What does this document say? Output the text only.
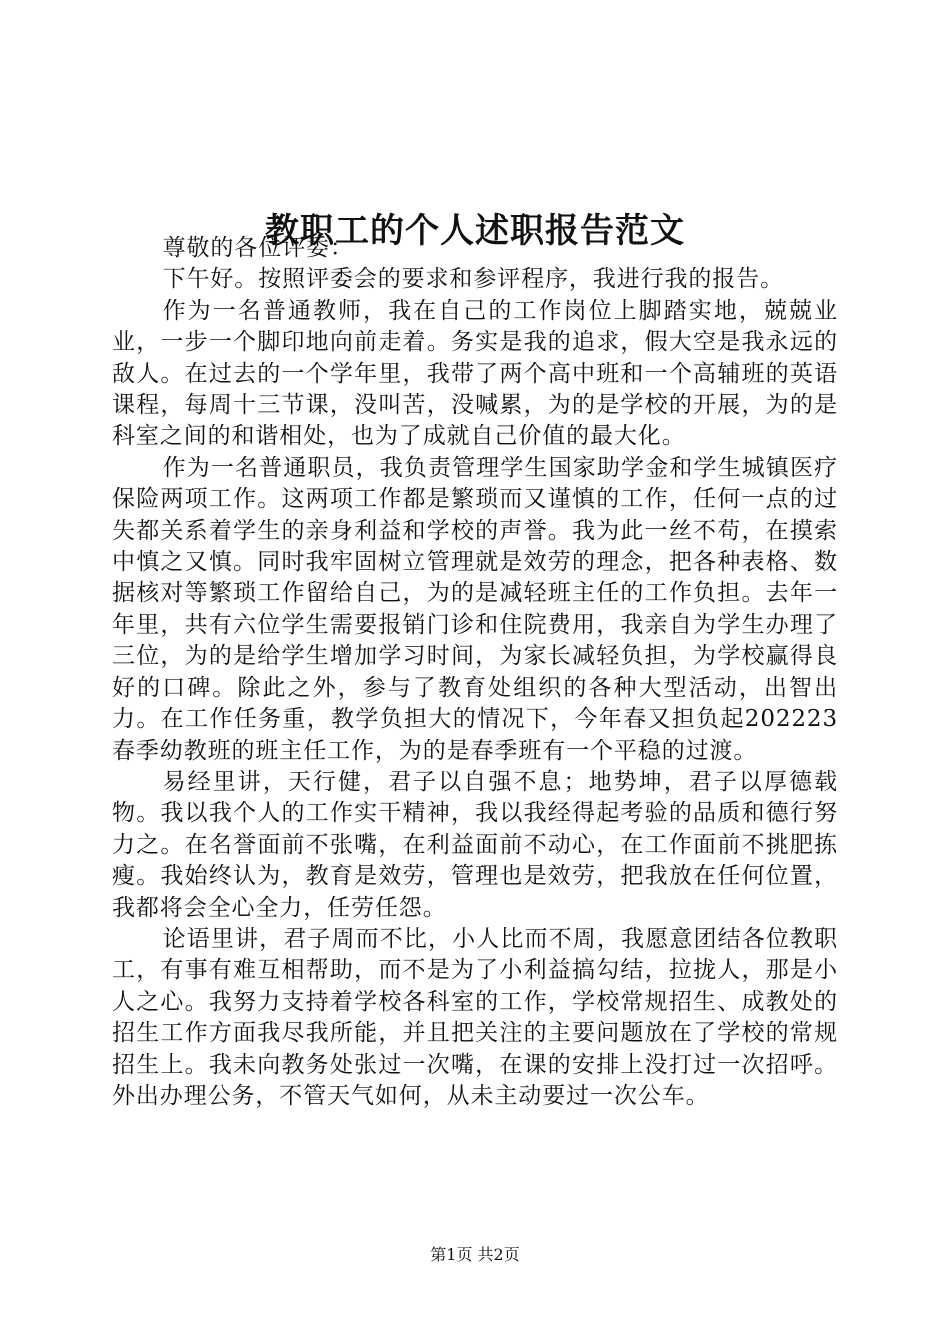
教职工的个人述职报告范文

尊敬的各位评委：

下午好。按照评委会的要求和参评程序，我进行我的报告。

作为一名普通教师，我在自己的工作岗位上脚踏实地，兢兢业业，一步一个脚印地向前走着。务实是我的追求，假大空是我永远的敌人。在过去的一个学年里，我带了两个高中班和一个高辅班的英语课程，每周十三节课，没叫苦，没喊累，为的是学校的开展，为的是科室之间的和谐相处，也为了成就自己价值的最大化。

作为一名普通职员，我负责管理学生国家助学金和学生城镇医疗保险两项工作。这两项工作都是繁琐而又谨慎的工作，任何一点的过失都关系着学生的亲身利益和学校的声誉。我为此一丝不苟，在摸索中慎之又慎。同时我牢固树立管理就是效劳的理念，把各种表格、数据核对等繁琐工作留给自己，为的是减轻班主任的工作负担。去年一年里，共有六位学生需要报销门诊和住院费用，我亲自为学生办理了三位，为的是给学生增加学习时间，为家长减轻负担，为学校赢得良好的口碑。除此之外，参与了教育处组织的各种大型活动，出智出力。在工作任务重，教学负担大的情况下，今年春又担负起202223春季幼教班的班主任工作，为的是春季班有一个平稳的过渡。

易经里讲，天行健，君子以自强不息；地势坤，君子以厚德载物。我以我个人的工作实干精神，我以我经得起考验的品质和德行努力之。在名誉面前不张嘴，在利益面前不动心，在工作面前不挑肥拣瘦。我始终认为，教育是效劳，管理也是效劳，把我放在任何位置，我都将会全心全力，任劳任怨。

论语里讲，君子周而不比，小人比而不周，我愿意团结各位教职工，有事有难互相帮助，而不是为了小利益搞勾结，拉拢人，那是小人之心。我努力支持着学校各科室的工作，学校常规招生、成教处的招生工作方面我尽我所能，并且把关注的主要问题放在了学校的常规招生上。我未向教务处张过一次嘴，在课的安排上没打过一次招呼。外出办理公务，不管天气如何，从未主动要过一次公车。

第1页 共2页
